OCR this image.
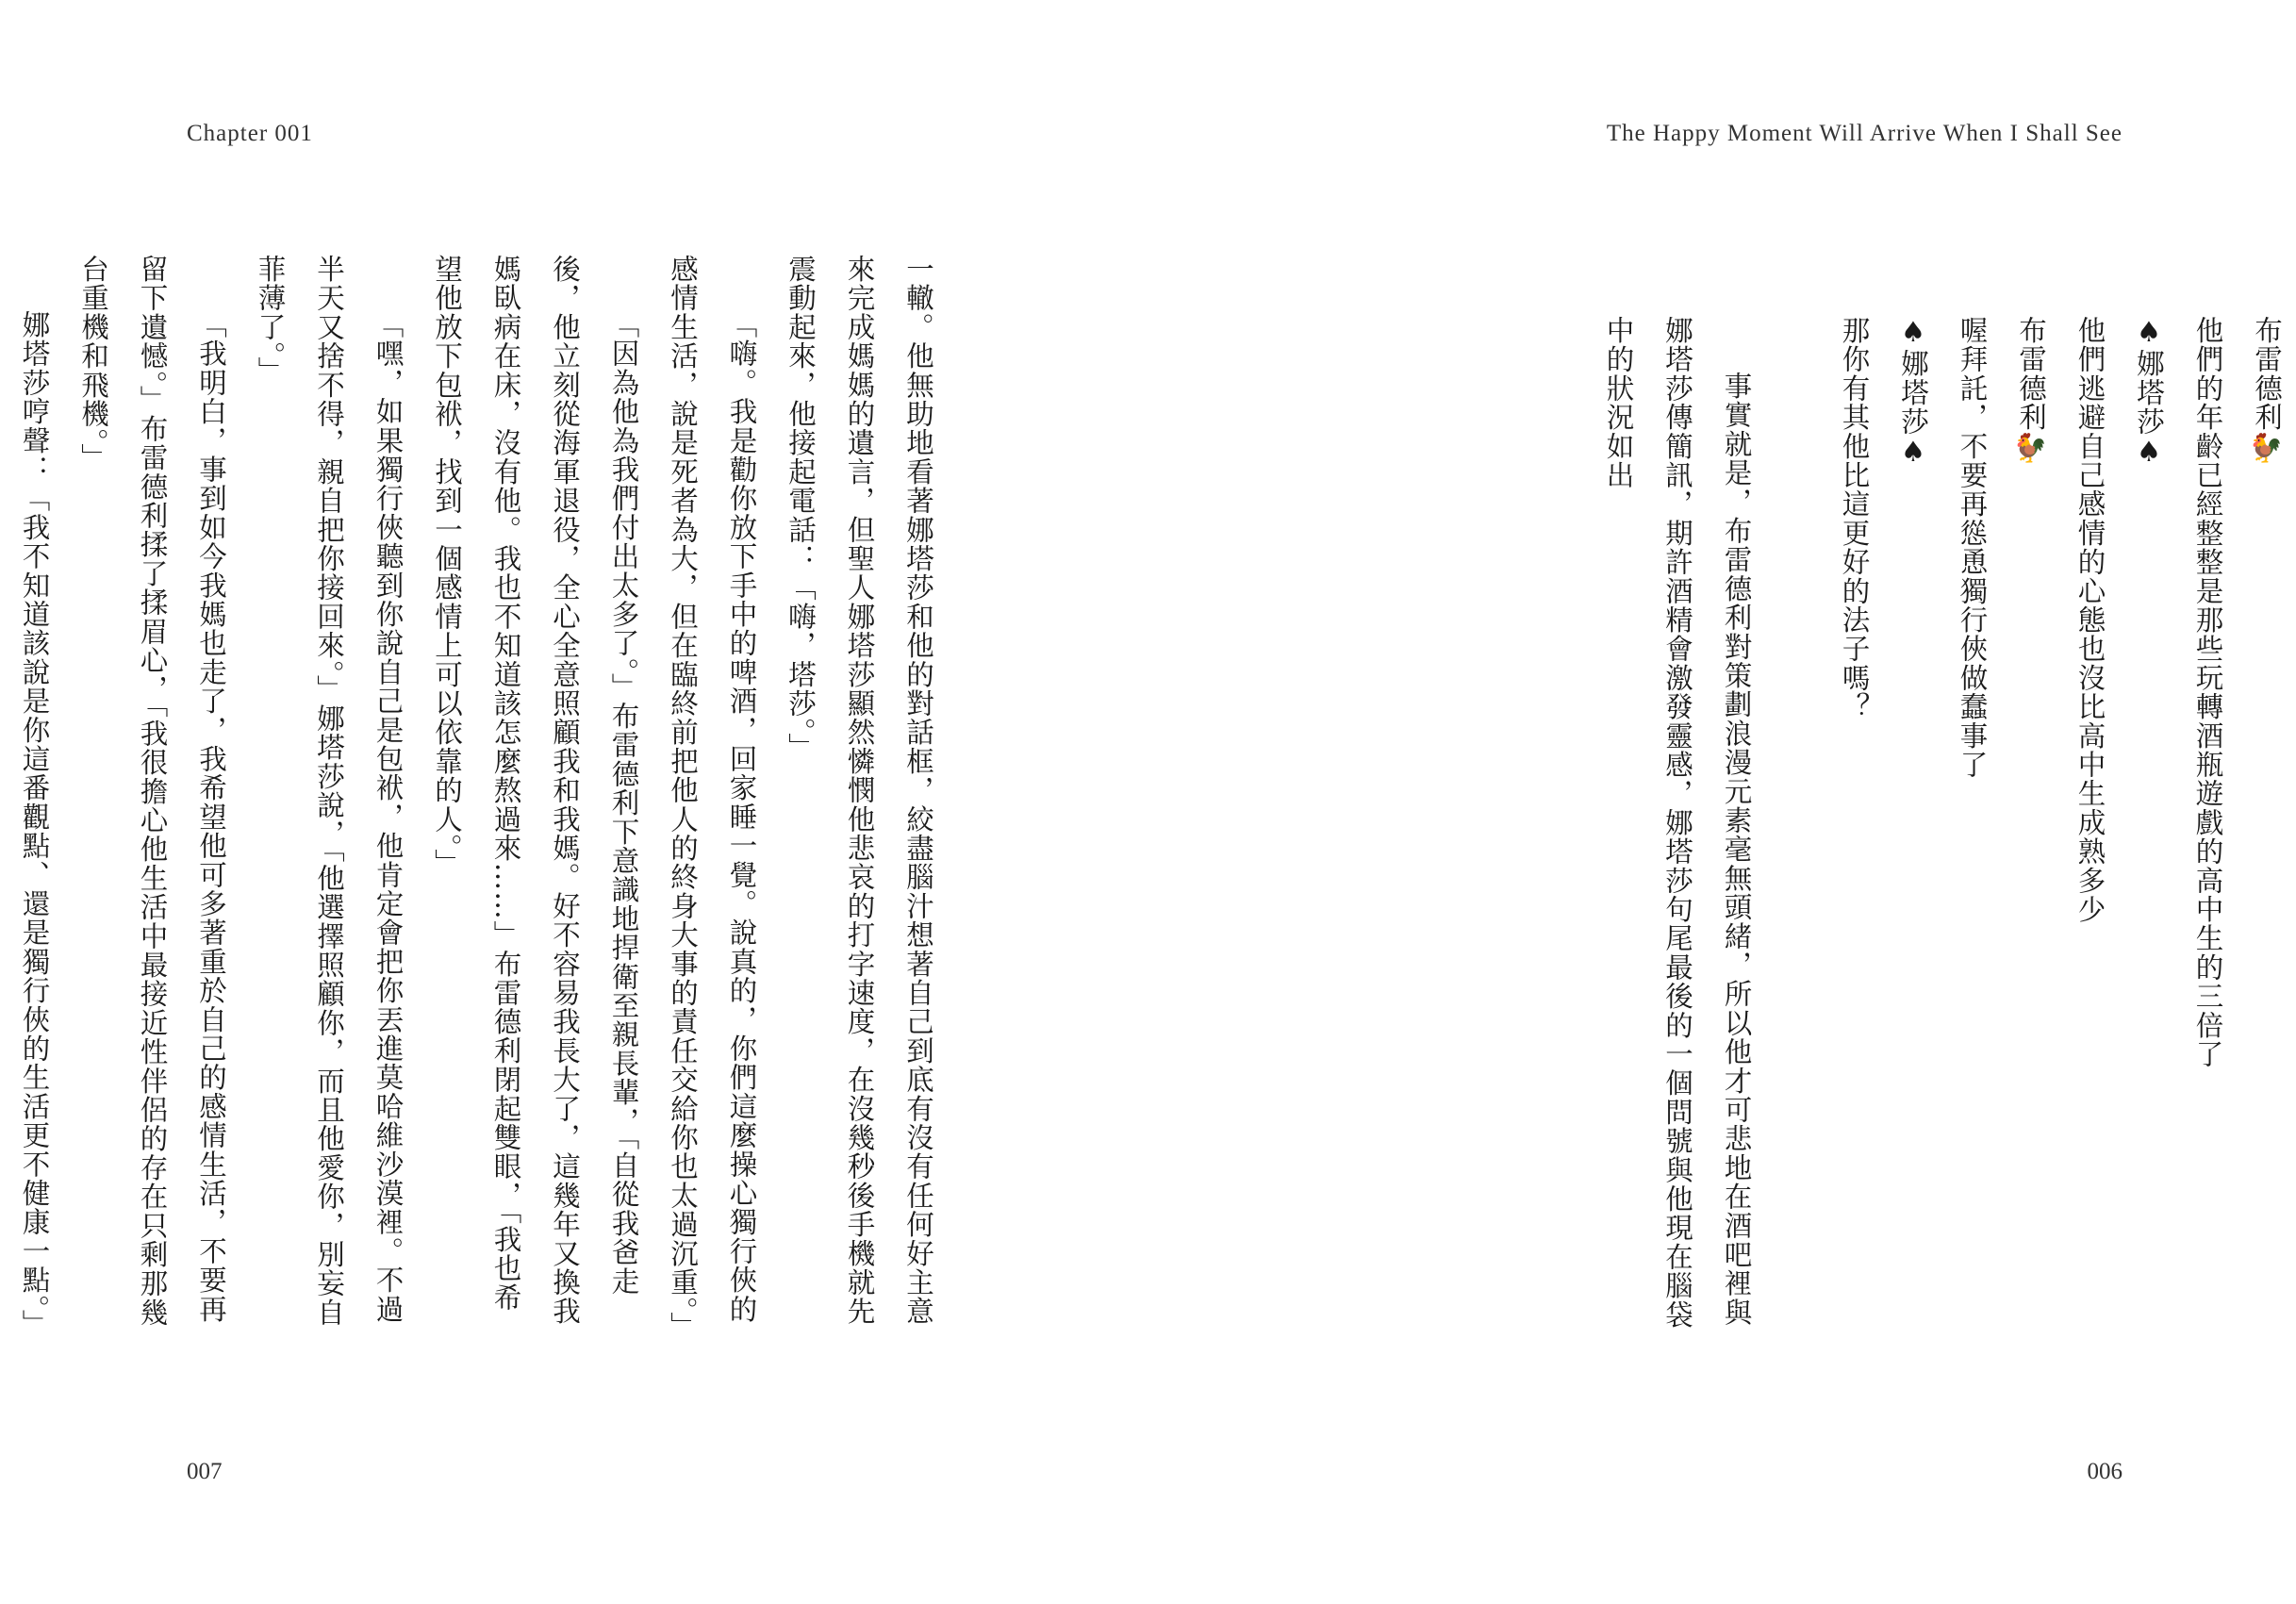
The Happy Moment Will Arrive When I Shall See

布雷德利🐓

他們的年齡已經整整是那些玩轉酒瓶遊戲的高中生的三倍了

♠娜塔莎♠

他們逃避自己感情的心態也沒比高中生成熟多少

布雷德利🐓

喔拜託，不要再慫恿獨行俠做蠢事了

♠娜塔莎♠

那你有其他比這更好的法子嗎？

事實就是，布雷德利對策劃浪漫元素毫無頭緒，所以他才可悲地在酒吧裡與娜塔莎傳簡訊，期許酒精會激發靈感，娜塔莎句尾最後的一個問號與他現在腦袋中的狀況如出

006
Chapter 001

一轍。他無助地看著娜塔莎和他的對話框，絞盡腦汁想著自己到底有沒有任何好主意來完成媽媽的遺言，但聖人娜塔莎顯然憐憫他悲哀的打字速度，在沒幾秒後手機就先震動起來，他接起電話：「嗨，塔莎。」

「嗨。我是勸你放下手中的啤酒，回家睡一覺。說真的，你們這麼操心獨行俠的感情生活，說是死者為大，但在臨終前把他人的終身大事的責任交給你也太過沉重。」

「因為他為我們付出太多了。」布雷德利下意識地捍衛至親長輩，「自從我爸走後，他立刻從海軍退役，全心全意照顧我和我媽。好不容易我長大了，這幾年又換我媽臥病在床，沒有他。我也不知道該怎麼熬過來……」布雷德利閉起雙眼，「我也希望他放下包袱，找到一個感情上可以依靠的人。」

「嘿，如果獨行俠聽到你說自己是包袱，他肯定會把你丟進莫哈維沙漠裡。不過半天又捨不得，親自把你接回來。」娜塔莎說，「他選擇照顧你，而且他愛你，別妄自菲薄了。」

「我明白，事到如今我媽也走了，我希望他可多著重於自己的感情生活，不要再留下遺憾。」布雷德利揉了揉眉心，「我很擔心他生活中最接近性伴侶的存在只剩那幾台重機和飛機。」

娜塔莎哼聲：「我不知道該說是你這番觀點、還是獨行俠的生活更不健康一點。」

007
